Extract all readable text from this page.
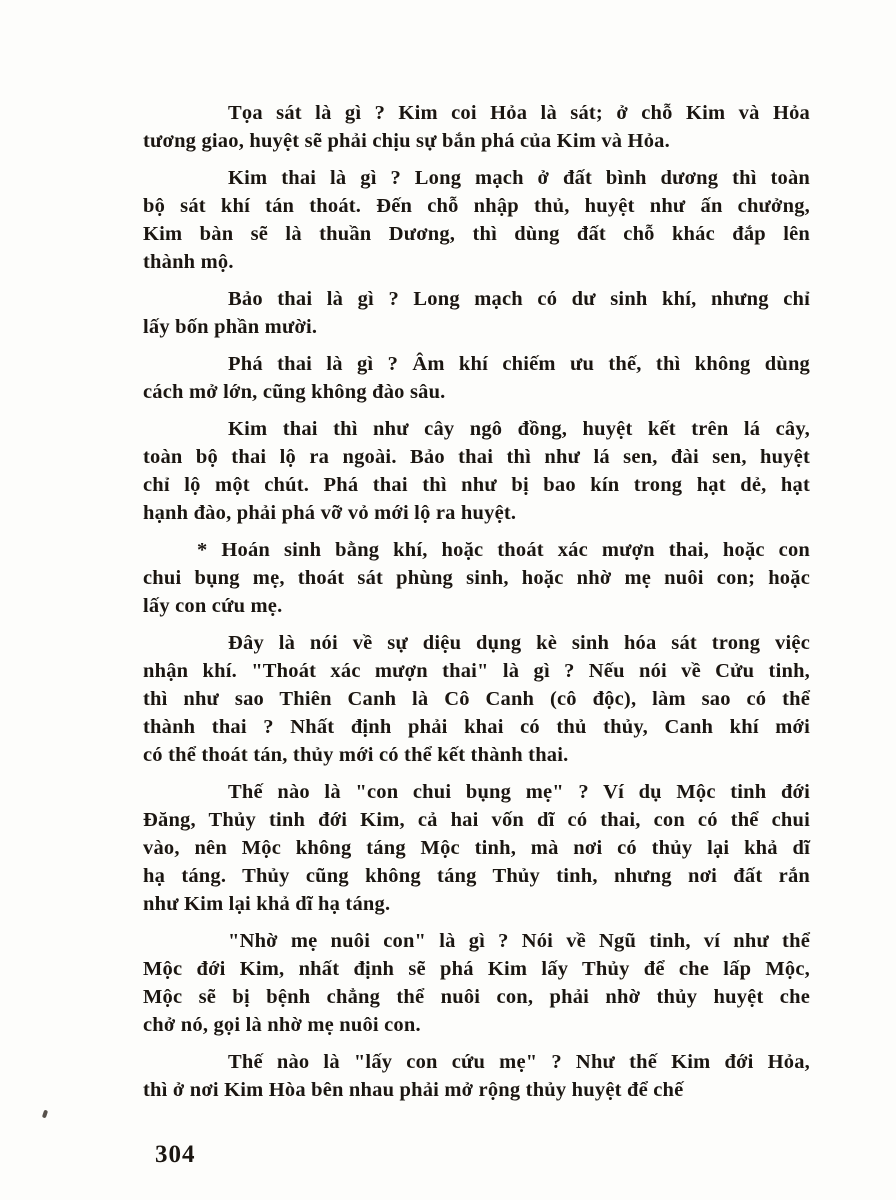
Tọa sát là gì ? Kim coi Hỏa là sát; ở chỗ Kim và Hỏa
tương giao, huyệt sẽ phải chịu sự bắn phá của Kim và Hỏa.
Kim thai là gì ? Long mạch ở đất bình dương thì toàn
bộ sát khí tán thoát. Đến chỗ nhập thủ, huyệt như ấn chưởng,
Kim bàn sẽ là thuần Dương, thì dùng đất chỗ khác đắp lên
thành mộ.
Bảo thai là gì ? Long mạch có dư sinh khí, nhưng chỉ
lấy bốn phần mười.
Phá thai là gì ? Âm khí chiếm ưu thế, thì không dùng
cách mở lớn, cũng không đào sâu.
Kim thai thì như cây ngô đồng, huyệt kết trên lá cây,
toàn bộ thai lộ ra ngoài. Bảo thai thì như lá sen, đài sen, huyệt
chỉ lộ một chút. Phá thai thì như bị bao kín trong hạt dẻ, hạt
hạnh đào, phải phá vỡ vỏ mới lộ ra huyệt.
* Hoán sinh bằng khí, hoặc thoát xác mượn thai, hoặc con
chui bụng mẹ, thoát sát phùng sinh, hoặc nhờ mẹ nuôi con; hoặc
lấy con cứu mẹ.
Đây là nói về sự diệu dụng kè sinh hóa sát trong việc
nhận khí. "Thoát xác mượn thai" là gì ? Nếu nói về Cửu tinh,
thì như sao Thiên Canh là Cô Canh (cô độc), làm sao có thể
thành thai ? Nhất định phải khai có thủ thủy, Canh khí mới
có thể thoát tán, thủy mới có thể kết thành thai.
Thế nào là "con chui bụng mẹ" ? Ví dụ Mộc tinh đới
Đăng, Thủy tinh đới Kim, cả hai vốn dĩ có thai, con có thể chui
vào, nên Mộc không táng Mộc tinh, mà nơi có thủy lại khả dĩ
hạ táng. Thủy cũng không táng Thủy tinh, nhưng nơi đất rắn
như Kim lại khả dĩ hạ táng.
"Nhờ mẹ nuôi con" là gì ? Nói về Ngũ tinh, ví như thể
Mộc đới Kim, nhất định sẽ phá Kim lấy Thủy để che lấp Mộc,
Mộc sẽ bị bệnh chẳng thể nuôi con, phải nhờ thủy huyệt che
chở nó, gọi là nhờ mẹ nuôi con.
Thế nào là "lấy con cứu mẹ" ? Như thế Kim đới Hỏa,
thì ở nơi Kim Hòa bên nhau phải mở rộng thủy huyệt để chế
304
